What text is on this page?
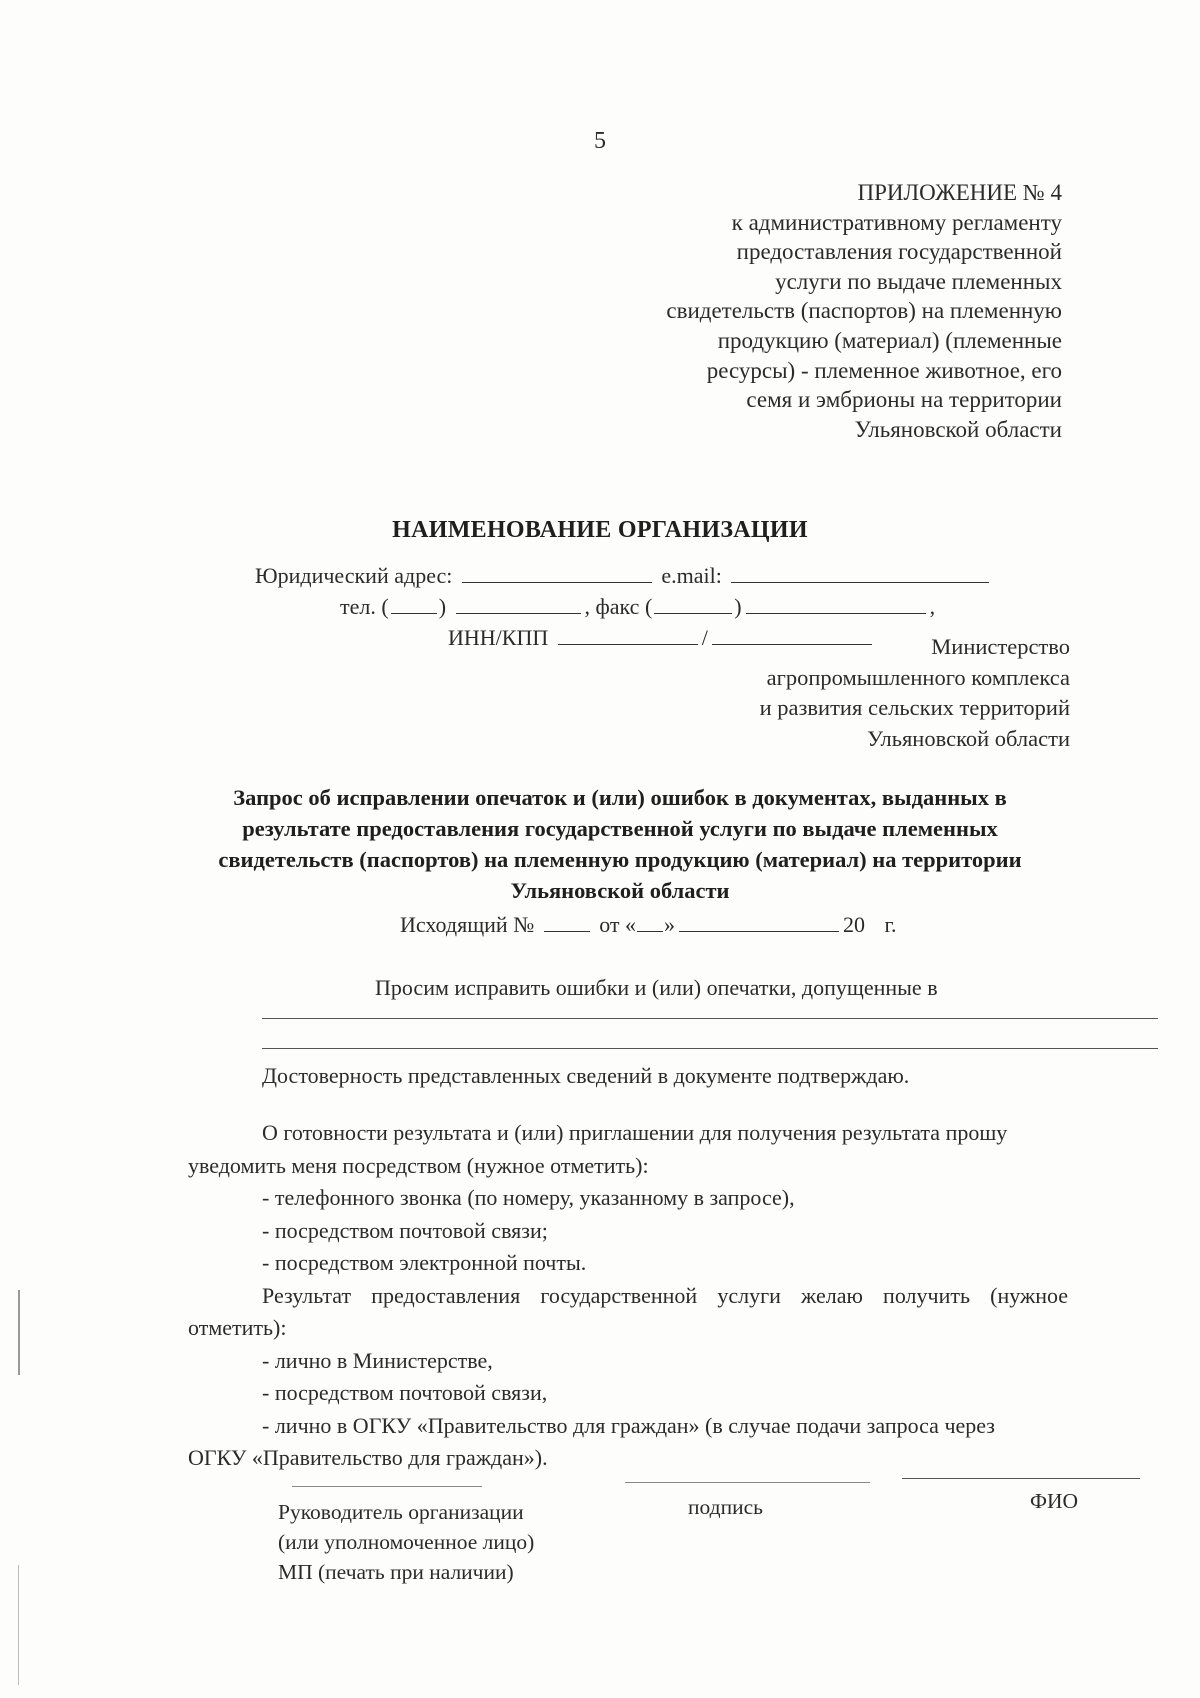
5
ПРИЛОЖЕНИЕ № 4
к административному регламенту
предоставления государственной
услуги по выдаче племенных
свидетельств (паспортов) на племенную
продукцию (материал) (племенные
ресурсы) - племенное животное, его
семя и эмбрионы на территории
Ульяновской области
НАИМЕНОВАНИЕ ОРГАНИЗАЦИИ
Юридический адрес:	e.mail:
тел. ( )	, факс (	)	,
ИНН/КПП	/	Министерство
агропромышленного комплекса
и развития сельских территорий
Ульяновской области
Запрос об исправлении опечаток и (или) ошибок в документах, выданных в
результате предоставления государственной услуги по выдаче племенных
свидетельств (паспортов) на племенную продукцию (материал) на территории
Ульяновской области
Исходящий №	от « »	20 г.
Просим исправить ошибки и (или) опечатки, допущенные в
Достоверность представленных сведений в документе подтверждаю.
О готовности результата и (или) приглашении для получения результата прошу
уведомить меня посредством (нужное отметить):
- телефонного звонка (по номеру, указанному в запросе),
- посредством почтовой связи;
- посредством электронной почты.
Результат предоставления государственной услуги желаю получить (нужное
отметить):
- лично в Министерстве,
- посредством почтовой связи,
- лично в ОГКУ «Правительство для граждан» (в случае подачи запроса через
ОГКУ «Правительство для граждан»).
Руководитель организации
(или уполномоченное лицо)
МП (печать при наличии)
подпись	ФИО
